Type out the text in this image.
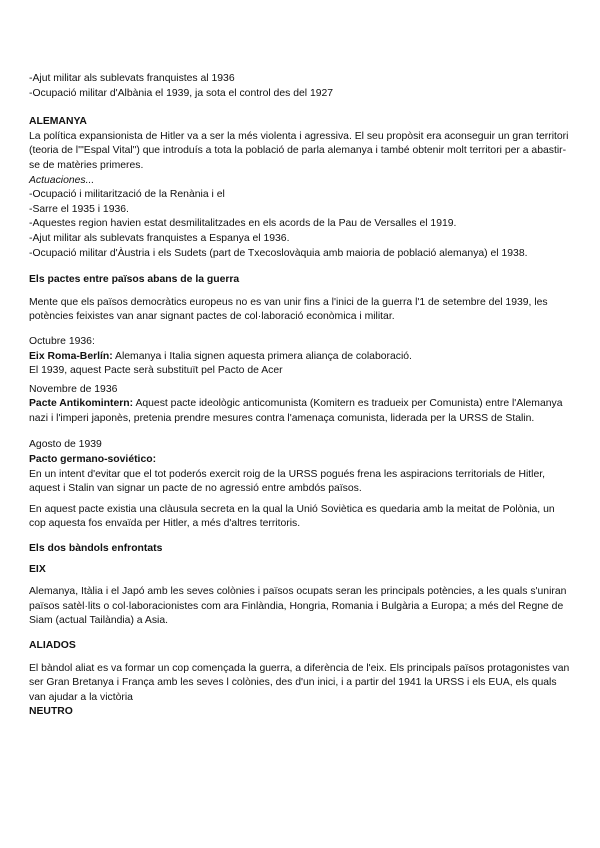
-Ajut militar als sublevats franquistes al 1936
-Ocupació militar d'Albània el 1939, ja sota el control des del 1927
ALEMANYA
La política expansionista de Hitler va a ser la més violenta i agressiva. El seu propòsit era aconseguir un gran territori (teoria de l'"Espal Vital") que introduís a tota la població de parla alemanya i també obtenir molt territori per a abastir-se de matèries primeres.
Actuaciones...
-Ocupació i militarització de la Renània i el
-Sarre el 1935 i 1936.
-Aquestes region havien estat desmilitalitzades en els acords de la Pau de Versalles el 1919.
-Ajut militar als sublevats franquistes a Espanya el 1936.
-Ocupació militar d'Àustria i els Sudets (part de Txecoslovàquia amb maioria de població alemanya) el 1938.
Els pactes entre països abans de la guerra
Mente que els països democràtics europeus no es van unir fins a l'inici de la guerra l'1 de setembre del 1939, les potències feixistes van anar signant pactes de col·laboració econòmica i militar.
Octubre 1936:
Eix Roma-Berlín: Alemanya i Italia signen aquesta primera aliança de colaboració.
El 1939, aquest Pacte serà substituït pel Pacto de Acer
Novembre de 1936
Pacte Antikomintern: Aquest pacte ideològic anticomunista (Komitern es tradueix per Comunista) entre l'Alemanya nazi i l'imperi japonès, pretenia prendre mesures contra l'amenaça comunista, liderada per la URSS de Stalin.
Agosto de 1939
Pacto germano-soviético:
En un intent d'evitar que el tot poderós exercit roig de la URSS pogués frena les aspiracions territorials de Hitler, aquest i Stalin van signar un pacte de no agressió entre ambdós països.
En aquest pacte existia una clàusula secreta en la qual la Unió Soviètica es quedaria amb la meitat de Polònia, un cop aquesta fos envaïda per Hitler, a més d'altres territoris.
Els dos bàndols enfrontats
EIX
Alemanya, Itàlia i el Japó amb les seves colònies i països ocupats seran les principals potències, a les quals s'uniran països satèl·lits o col·laboracionistes com ara Finlàndia, Hongria, Romania i Bulgària a Europa; a més del Regne de Siam (actual Tailàndia) a Asia.
ALIADOS
El bàndol aliat es va formar un cop començada la guerra, a diferència de l'eix. Els principals països protagonistes van ser Gran Bretanya i França amb les seves l colònies, des d'un inici, i a partir del 1941 la URSS i els EUA, els quals van ajudar a la victòria
NEUTRO
